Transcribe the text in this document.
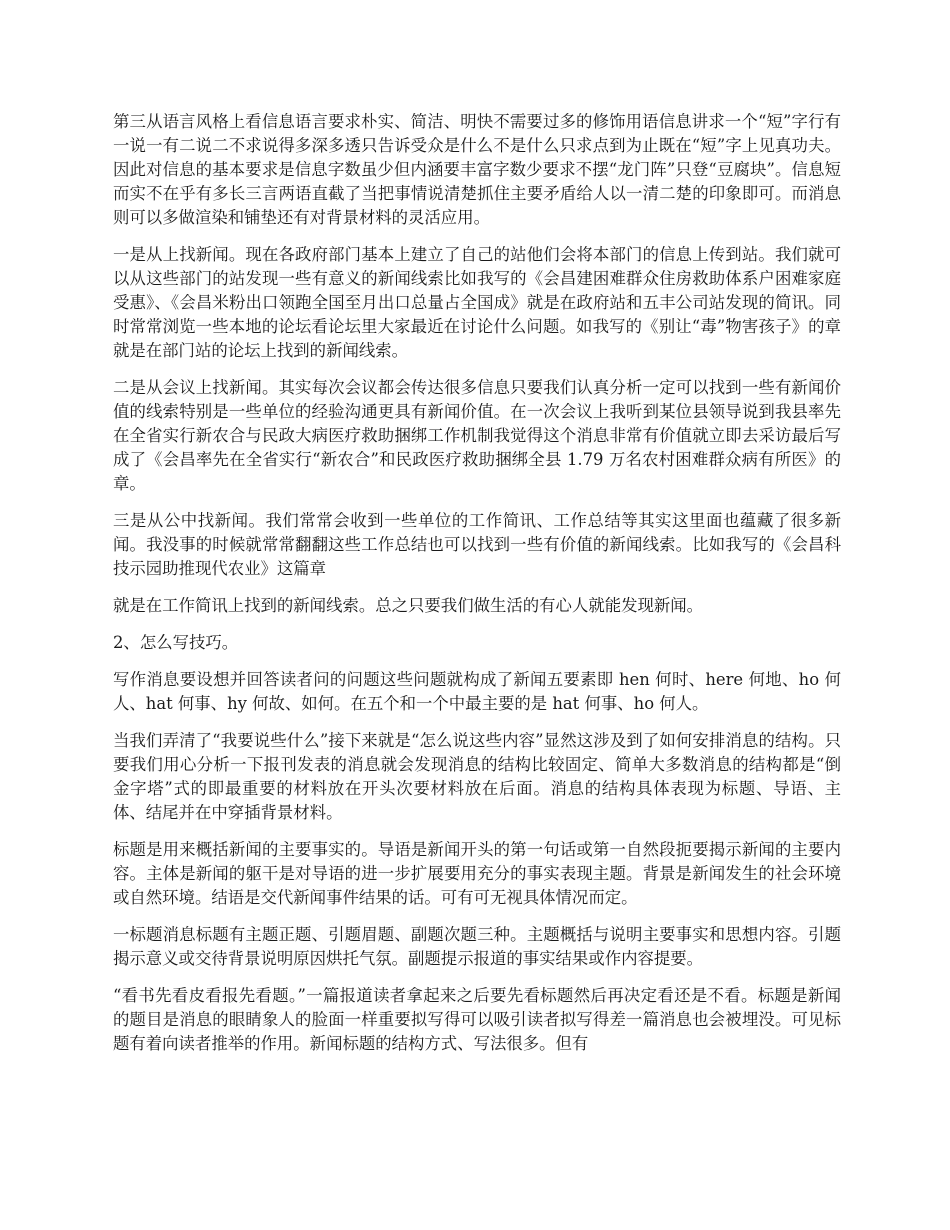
第三从语言风格上看信息语言要求朴实、简洁、明快不需要过多的修饰用语信息讲求一个“短”字行有一说一有二说二不求说得多深多透只告诉受众是什么不是什么只求点到为止既在“短”字上见真功夫。因此对信息的基本要求是信息字数虽少但内涵要丰富字数少要求不摆“龙门阵”只登“豆腐块”。信息短而实不在乎有多长三言两语直截了当把事情说清楚抓住主要矛盾给人以一清二楚的印象即可。而消息则可以多做渲染和铺垫还有对背景材料的灵活应用。

一是从上找新闻。现在各政府部门基本上建立了自己的站他们会将本部门的信息上传到站。我们就可以从这些部门的站发现一些有意义的新闻线索比如我写的《会昌建困难群众住房救助体系户困难家庭受惠》、《会昌米粉出口领跑全国至月出口总量占全国成》就是在政府站和五丰公司站发现的简讯。同时常常浏览一些本地的论坛看论坛里大家最近在讨论什么问题。如我写的《别让“毒”物害孩子》的章就是在部门站的论坛上找到的新闻线索。

二是从会议上找新闻。其实每次会议都会传达很多信息只要我们认真分析一定可以找到一些有新闻价值的线索特别是一些单位的经验沟通更具有新闻价值。在一次会议上我听到某位县领导说到我县率先在全省实行新农合与民政大病医疗救助捆绑工作机制我觉得这个消息非常有价值就立即去采访最后写成了《会昌率先在全省实行“新农合”和民政医疗救助捆绑全县 1.79 万名农村困难群众病有所医》的章。

三是从公中找新闻。我们常常会收到一些单位的工作简讯、工作总结等其实这里面也蕴藏了很多新闻。我没事的时候就常常翻翻这些工作总结也可以找到一些有价值的新闻线索。比如我写的《会昌科技示园助推现代农业》这篇章

就是在工作简讯上找到的新闻线索。总之只要我们做生活的有心人就能发现新闻。

2、怎么写技巧。

写作消息要设想并回答读者问的问题这些问题就构成了新闻五要素即 hen 何时、here 何地、ho 何人、hat 何事、hy 何故、如何。在五个和一个中最主要的是 hat 何事、ho 何人。

当我们弄清了“我要说些什么”接下来就是“怎么说这些内容”显然这涉及到了如何安排消息的结构。只要我们用心分析一下报刊发表的消息就会发现消息的结构比较固定、简单大多数消息的结构都是“倒金字塔”式的即最重要的材料放在开头次要材料放在后面。消息的结构具体表现为标题、导语、主体、结尾并在中穿插背景材料。

标题是用来概括新闻的主要事实的。导语是新闻开头的第一句话或第一自然段扼要揭示新闻的主要内容。主体是新闻的躯干是对导语的进一步扩展要用充分的事实表现主题。背景是新闻发生的社会环境或自然环境。结语是交代新闻事件结果的话。可有可无视具体情况而定。

一标题消息标题有主题正题、引题眉题、副题次题三种。主题概括与说明主要事实和思想内容。引题揭示意义或交待背景说明原因烘托气氛。副题提示报道的事实结果或作内容提要。

“看书先看皮看报先看题。”一篇报道读者拿起来之后要先看标题然后再决定看还是不看。标题是新闻的题目是消息的眼睛象人的脸面一样重要拟写得可以吸引读者拟写得差一篇消息也会被埋没。可见标题有着向读者推举的作用。新闻标题的结构方式、写法很多。但有
